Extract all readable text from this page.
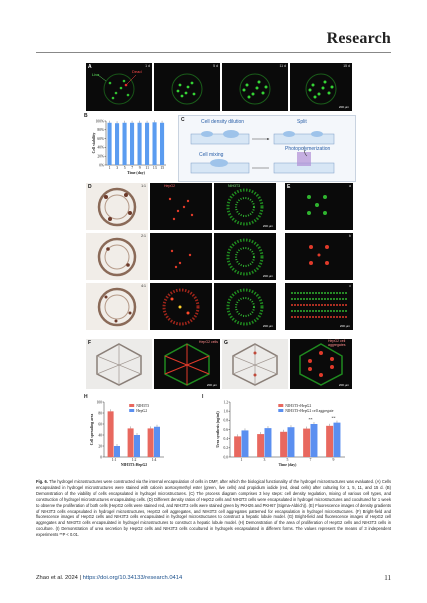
Research
A
Live
Dead
1 d	5 d	11 d	15 d
200 μm
B
0%
20%
40%
60%
80%
100%
1 3 5 7 9 11 13 15
Time (day)
Cell viability
C	Cell density dilution	Split
Cell mixing
Photopolymerization
D	1:1	HepG2	NIH3T3
200 μm
2:1
200 μm
4:1
200 μm
E	a
b
c
200 μm
F	HepG2 cells
200 μm
G	HepG2 cell aggregates
200 μm
H
0
20
40
60
80
100
1:1	1:2	1:4
NIH3T3:HepG2
Cell spreading area
NIH3T3
HepG2
I
0.0
0.2
0.4
0.6
0.8
1.0
1.2
1	3	5	7	9
Time (day)
Urea synthesis (ng/ml)
NIH3T3+HepG2
NIH3T3+HepG2 cell aggregate
**	**
Fig. 6. The hydrogel microstructures were constructed via the internal encapsulation of cells in DMF, after which the biological functionality of the hydrogel microstructures was evaluated. (A) Cells encapsulated in hydrogel microstructures were stained with calcein acetoxymethyl ester (green, live cells) and propidium iodide (red, dead cells) after culturing for 1, 5, 11, and 15 d. (B) Demonstration of the viability of cells encapsulated in hydrogel microstructures. (C) The process diagram comprises 3 key steps: cell density regulation, mixing of various cell types, and construction of hydrogel microstructures encapsulating cells. (D) Different density ratios of HepG2 cells and NIH3T3 cells were encapsulated in hydrogel microstructures and cocultured for 1 week to observe the proliferation of both cells (HepG2 cells were stained red, and NIH3T3 cells were stained green by PKH26 and PKH67 (Sigma-Aldrich)). (E) Fluorescence images of density gradients of NIH3T3 cells encapsulated in hydrogel microstructures, HepG2 cell aggregates, and NIH3T3 cell aggregates patterned for encapsulation in hydrogel microstructures. (F) Bright-field and fluorescence images of HepG2 cells and NIH3T3 cells encapsulated in hydrogel microstructures to construct a hepatic lobule model. (G) Bright-field and fluorescence images of HepG2 cell aggregates and NIH3T3 cells encapsulated in hydrogel microstructures to construct a hepatic lobule model. (H) Demonstration of the area of proliferation of HepG2 cells and NIH3T3 cells in coculture. (I) Demonstration of urea secretion by HepG2 cells and NIH3T3 cells cocultured in hydrogels encapsulated in different forms. The values represent the means of 3 independent experiments **P < 0.01.
Zhao et al. 2024 | https://doi.org/10.34133/research.0414	11
